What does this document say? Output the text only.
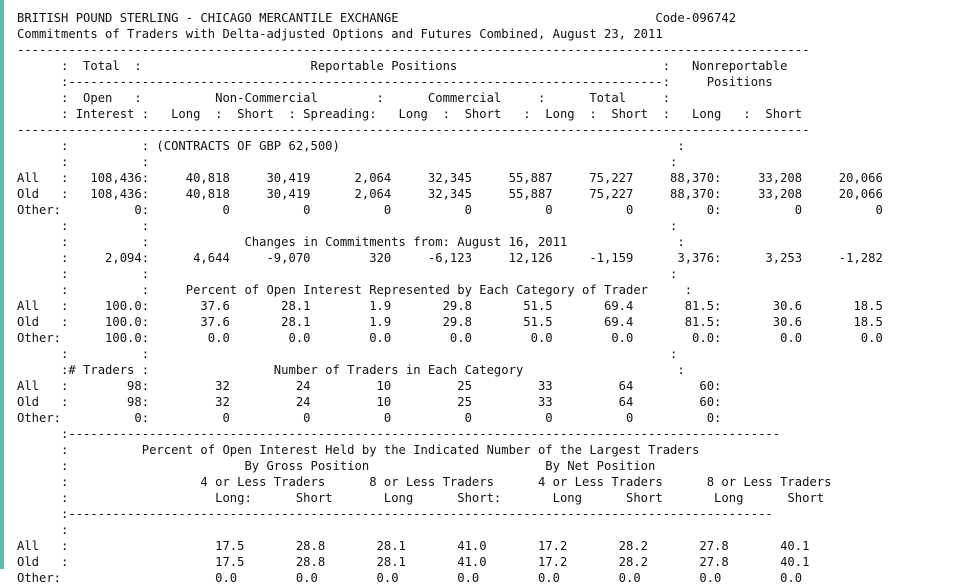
BRITISH POUND STERLING - CHICAGO MERCANTILE EXCHANGE                                   Code-096742
Commitments of Traders with Delta-adjusted Options and Futures Combined, August 23, 2011
------------------------------------------------------------------------------------------------------------
:  Total  :                       Reportable Positions                            :   Nonreportable
:---------------------------------------------------------------------------------:     Positions
:  Open   :          Non-Commercial        :      Commercial     :      Total     :
: Interest :   Long  :  Short  : Spreading:   Long  :  Short   :  Long  :  Short  :   Long   :  Short
------------------------------------------------------------------------------------------------------------
:          : (CONTRACTS OF GBP 62,500)                                              :
:          :                                                                       :
All   :   108,436:     40,818     30,419      2,064     32,345     55,887     75,227     88,370:     33,208     20,066
Old   :   108,436:     40,818     30,419      2,064     32,345     55,887     75,227     88,370:     33,208     20,066
Other:          0:          0          0          0          0          0          0          0:          0          0
:          :                                                                       :
:          :             Changes in Commitments from: August 16, 2011               :
:     2,094:      4,644     -9,070        320     -6,123     12,126     -1,159      3,376:      3,253     -1,282
:          :                                                                       :
:          :     Percent of Open Interest Represented by Each Category of Trader     :
All   :     100.0:       37.6       28.1        1.9       29.8       51.5       69.4       81.5:       30.6       18.5
Old   :     100.0:       37.6       28.1        1.9       29.8       51.5       69.4       81.5:       30.6       18.5
Other:      100.0:        0.0        0.0        0.0        0.0        0.0        0.0        0.0:        0.0        0.0
:          :                                                                       :
:# Traders :                 Number of Traders in Each Category                     :
All   :        98:         32         24         10         25         33         64         60:
Old   :        98:         32         24         10         25         33         64         60:
Other:          0:          0          0          0          0          0          0          0:
:-------------------------------------------------------------------------------------------------
:          Percent of Open Interest Held by the Indicated Number of the Largest Traders
:                        By Gross Position                        By Net Position
:                  4 or Less Traders      8 or Less Traders      4 or Less Traders      8 or Less Traders
:                    Long:      Short       Long      Short:       Long      Short       Long      Short
:------------------------------------------------------------------------------------------------
:
All   :                    17.5       28.8       28.1       41.0       17.2       28.2       27.8       40.1
Old   :                    17.5       28.8       28.1       41.0       17.2       28.2       27.8       40.1
Other:                     0.0        0.0        0.0        0.0        0.0        0.0        0.0        0.0
